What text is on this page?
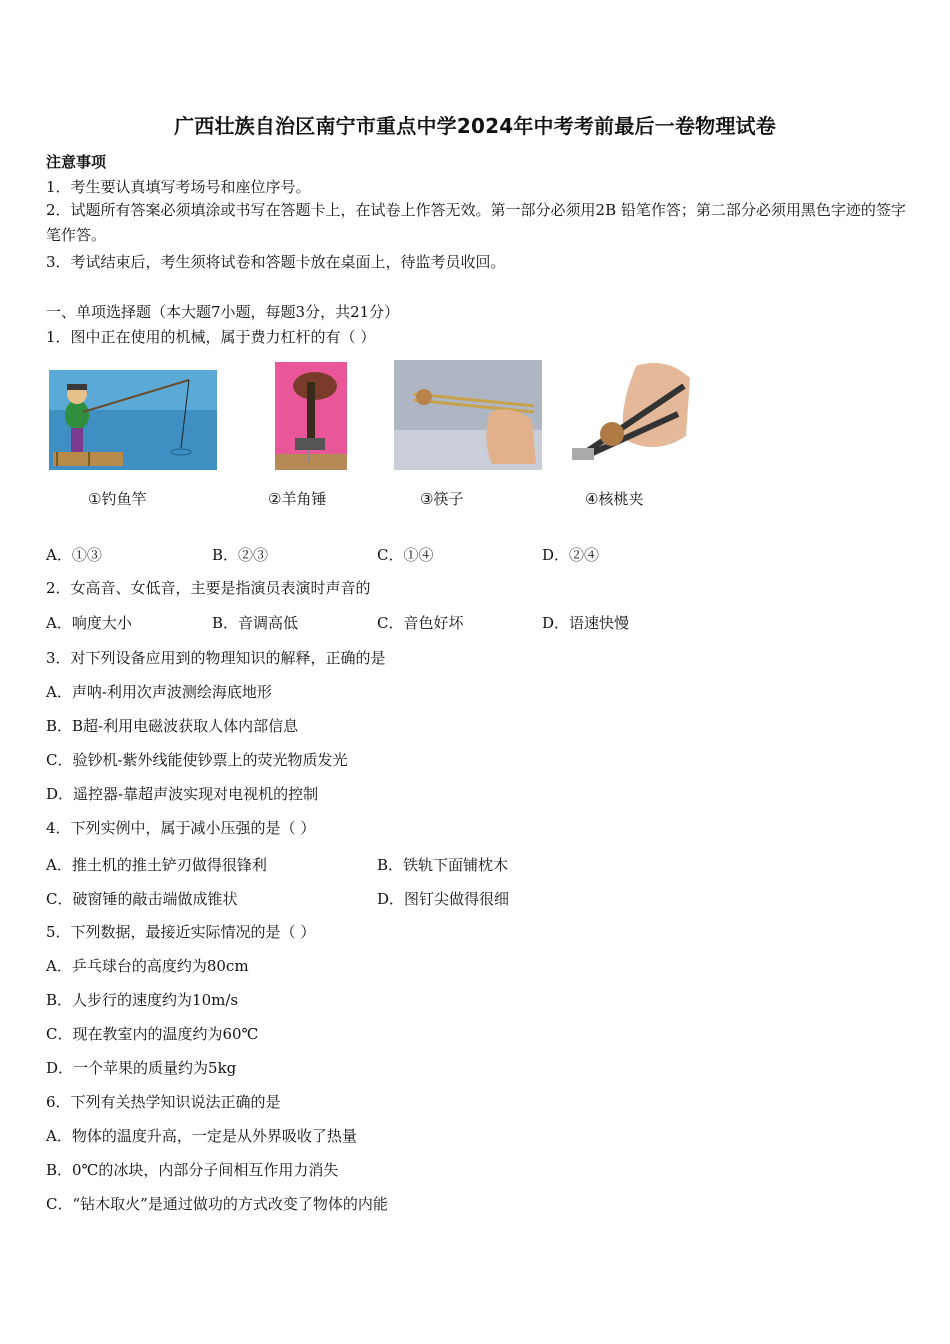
广西壮族自治区南宁市重点中学2024年中考考前最后一卷物理试卷
注意事项
1．考生要认真填写考场号和座位序号。
2．试题所有答案必须填涂或书写在答题卡上，在试卷上作答无效。第一部分必须用2B 铅笔作答；第二部分必须用黑色字迹的签字笔作答。
3．考试结束后，考生须将试卷和答题卡放在桌面上，待监考员收回。
一、单项选择题（本大题7小题，每题3分，共21分）
1．图中正在使用的机械，属于费力杠杆的有（ ）
①钓鱼竿	②羊角锤	③筷子	④核桃夹
A．①③	B．②③	C．①④	D．②④
2．女高音、女低音，主要是指演员表演时声音的
A．响度大小	B．音调高低	C．音色好坏	D．语速快慢
3．对下列设备应用到的物理知识的解释，正确的是
A．声呐-利用次声波测绘海底地形
B．B超-利用电磁波获取人体内部信息
C．验钞机-紫外线能使钞票上的荧光物质发光
D．遥控器-靠超声波实现对电视机的控制
4．下列实例中，属于减小压强的是（ ）
A．推土机的推土铲刃做得很锋利	B．铁轨下面铺枕木
C．破窗锤的敲击端做成锥状	D．图钉尖做得很细
5．下列数据，最接近实际情况的是（ ）
A．乒乓球台的高度约为80cm
B．人步行的速度约为10m/s
C．现在教室内的温度约为60℃
D．一个苹果的质量约为5kg
6．下列有关热学知识说法正确的是
A．物体的温度升高，一定是从外界吸收了热量
B．0℃的冰块，内部分子间相互作用力消失
C．“钻木取火”是通过做功的方式改变了物体的内能
